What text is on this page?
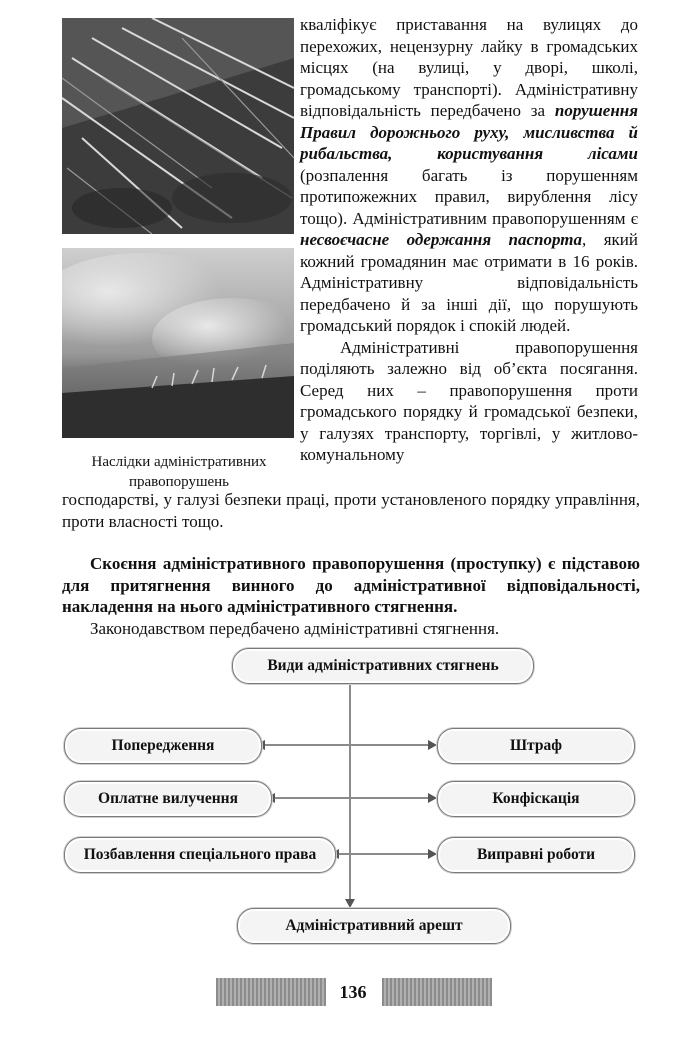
Наслідки адміністративних
правопорушень

кваліфікує приставання на вулицях до перехожих, нецензурну лайку в громадських місцях (на вулиці, у дворі, школі, громадському транспорті). Адміністративну відповідальність передбачено за порушення Правил дорожнього руху, мисливства й рибальства, користування лісами (розпалення багать із порушенням протипожежних правил, вирублення лісу тощо). Адміністративним правопорушенням є несвоєчасне одержання паспорта, який кожний громадянин має отримати в 16 років. Адміністративну відповідальність передбачено й за інші дії, що порушують громадський порядок і спокій людей.

Адміністративні правопорушення поділяють залежно від об’єкта посягання. Серед них – правопорушення проти громадського порядку й громадської безпеки, у галузях транспорту, торгівлі, у житлово-комунальному

господарстві, у галузі безпеки праці, проти установленого порядку управління, проти власності тощо.

Скоєння адміністративного правопорушення (проступку) є підставою для притягнення винного до адміністративної відповідальності, накладення на нього адміністративного стягнення.

Законодавством передбачено адміністративні стягнення.

Види адміністративних стягнень
Попередження
Оплатне вилучення
Позбавлення спеціального права
Штраф
Конфіскація
Виправні роботи
Адміністративний арешт
136
